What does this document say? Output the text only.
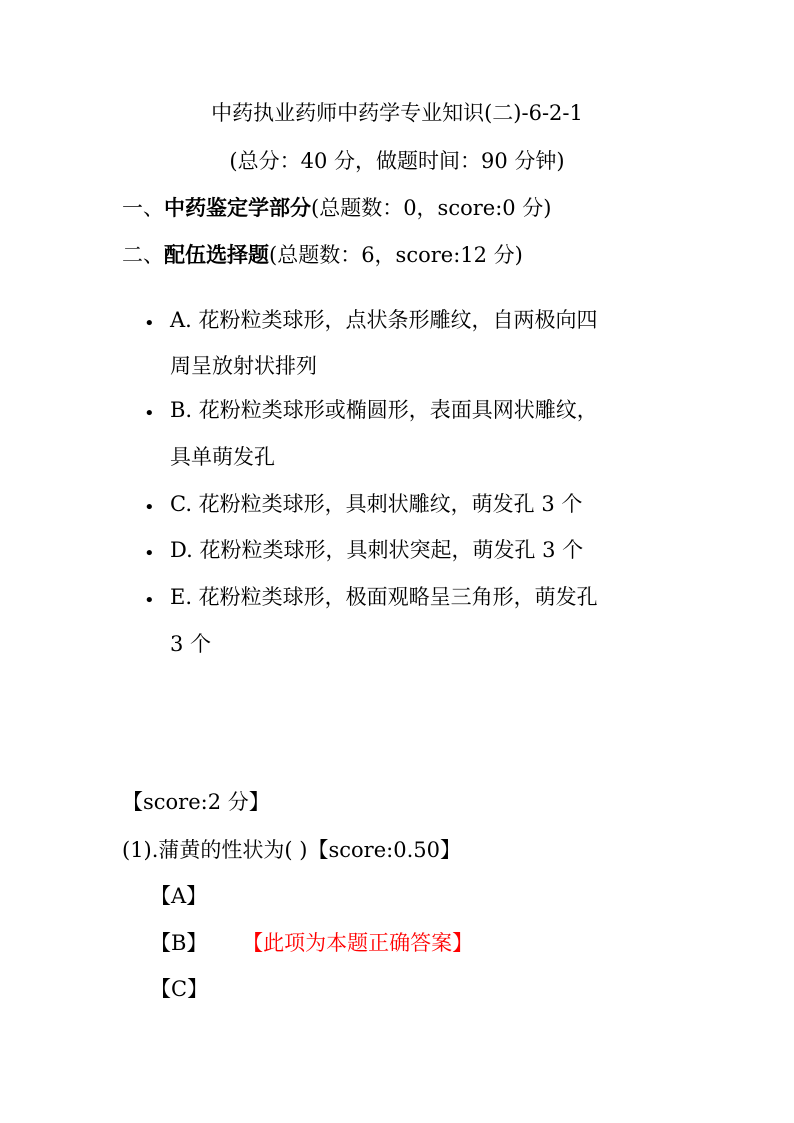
中药执业药师中药学专业知识(二)-6-2-1
(总分：40 分，做题时间：90 分钟)
一、中药鉴定学部分(总题数：0，score:0 分)
二、配伍选择题(总题数：6，score:12 分)
• A. 花粉粒类球形，点状条形雕纹，自两极向四
周呈放射状排列
• B. 花粉粒类球形或椭圆形，表面具网状雕纹，
具单萌发孔
• C. 花粉粒类球形，具刺状雕纹，萌发孔 3 个
• D. 花粉粒类球形，具刺状突起，萌发孔 3 个
• E. 花粉粒类球形，极面观略呈三角形，萌发孔
3 个
【score:2 分】
(1).蒲黄的性状为( )【score:0.50】
【A】
【B】 【此项为本题正确答案】
【C】
